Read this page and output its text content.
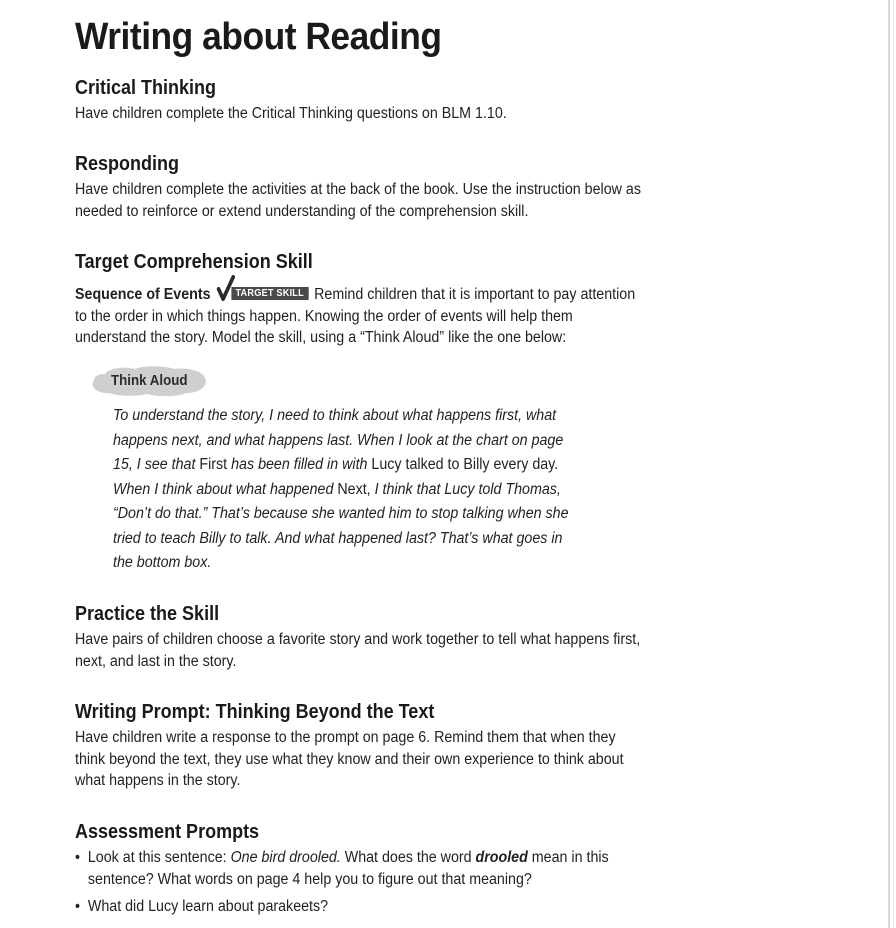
Writing about Reading
Critical Thinking

Have children complete the Critical Thinking questions on BLM 1.10.

Responding

Have children complete the activities at the back of the book. Use the instruction below as
needed to reinforce or extend understanding of the comprehension skill.

Target Comprehension Skill

Sequence of Events	TARGET SKILL Remind children that it is important to pay attention
to the order in which things happen. Knowing the order of events will help them
understand the story. Model the skill, using a “Think Aloud” like the one below:

Think Aloud

To understand the story, I need to think about what happens first, what
happens next, and what happens last. When I look at the chart on page
15, I see that First has been filled in with Lucy talked to Billy every day.
When I think about what happened Next, I think that Lucy told Thomas,
“Don’t do that.” That’s because she wanted him to stop talking when she
tried to teach Billy to talk. And what happened last? That’s what goes in
the bottom box.

Practice the Skill

Have pairs of children choose a favorite story and work together to tell what happens first,
next, and last in the story.

Writing Prompt: Thinking Beyond the Text

Have children write a response to the prompt on page 6. Remind them that when they
think beyond the text, they use what they know and their own experience to think about
what happens in the story.

Assessment Prompts
• Look at this sentence: One bird drooled. What does the word drooled mean in this
sentence? What words on page 4 help you to figure out that meaning?
• What did Lucy learn about parakeets?
